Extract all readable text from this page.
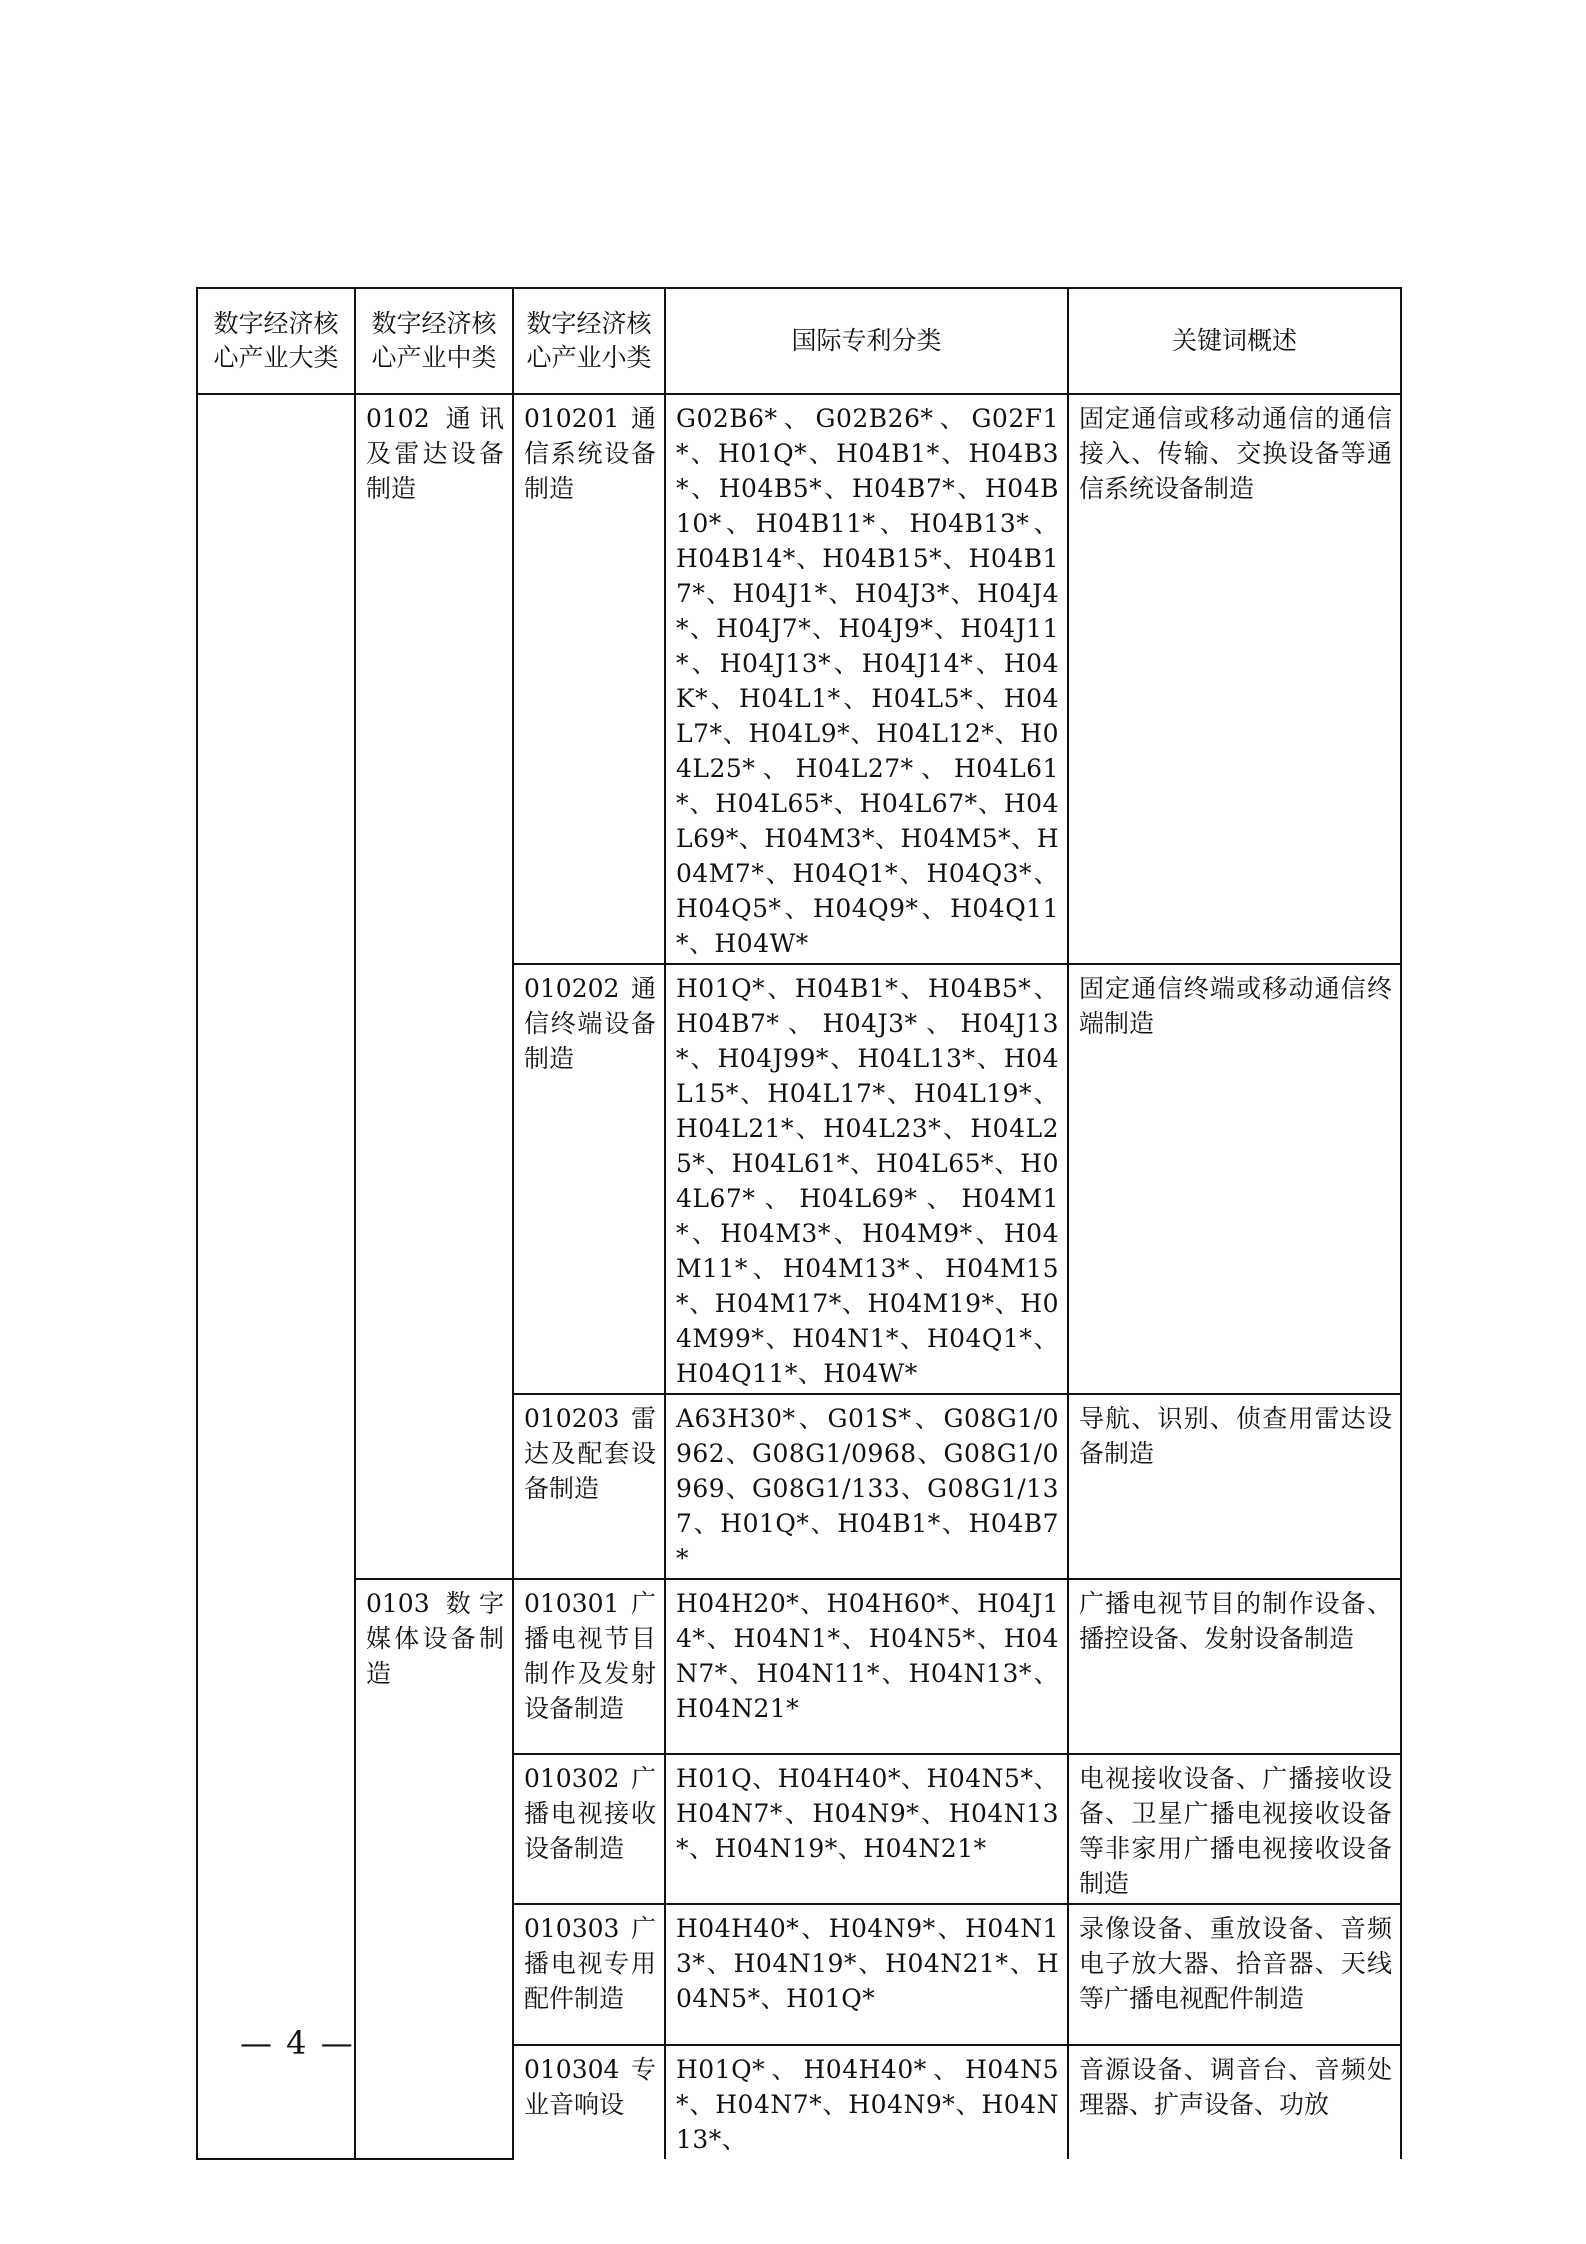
数字经济核心产业大类	数字经济核心产业中类	数字经济核心产业小类	国际专利分类	关键词概述
	0102 通讯及雷达设备制造	010201 通信系统设备制造	G02B6*、G02B26*、G02F1*、H01Q*、H04B1*、H04B3*、H04B5*、H04B7*、H04B10*、H04B11*、H04B13*、H04B14*、H04B15*、H04B17*、H04J1*、H04J3*、H04J4*、H04J7*、H04J9*、H04J11*、H04J13*、H04J14*、H04K*、H04L1*、H04L5*、H04L7*、H04L9*、H04L12*、H04L25*、H04L27*、H04L61*、H04L65*、H04L67*、H04L69*、H04M3*、H04M5*、H04M7*、H04Q1*、H04Q3*、H04Q5*、H04Q9*、H04Q11*、H04W*	固定通信或移动通信的通信接入、传输、交换设备等通信系统设备制造
		010202 通信终端设备制造	H01Q*、H04B1*、H04B5*、H04B7*、H04J3*、H04J13*、H04J99*、H04L13*、H04L15*、H04L17*、H04L19*、H04L21*、H04L23*、H04L25*、H04L61*、H04L65*、H04L67*、H04L69*、H04M1*、H04M3*、H04M9*、H04M11*、H04M13*、H04M15*、H04M17*、H04M19*、H04M99*、H04N1*、H04Q1*、H04Q11*、H04W*	固定通信终端或移动通信终端制造
		010203 雷达及配套设备制造	A63H30*、G01S*、G08G1/0962、G08G1/0968、G08G1/0969、G08G1/133、G08G1/137、H01Q*、H04B1*、H04B7*	导航、识别、侦查用雷达设备制造
	0103 数字媒体设备制造	010301 广播电视节目制作及发射设备制造	H04H20*、H04H60*、H04J14*、H04N1*、H04N5*、H04N7*、H04N11*、H04N13*、H04N21*	广播电视节目的制作设备、播控设备、发射设备制造
		010302 广播电视接收设备制造	H01Q、H04H40*、H04N5*、H04N7*、H04N9*、H04N13*、H04N19*、H04N21*	电视接收设备、广播接收设备、卫星广播电视接收设备等非家用广播电视接收设备制造
		010303 广播电视专用配件制造	H04H40*、H04N9*、H04N13*、H04N19*、H04N21*、H04N5*、H01Q*	录像设备、重放设备、音频电子放大器、拾音器、天线等广播电视配件制造
		010304 专业音响设	H01Q*、H04H40*、H04N5*、H04N7*、H04N9*、H04N13*、	音源设备、调音台、音频处理器、扩声设备、功放
— 4 —
